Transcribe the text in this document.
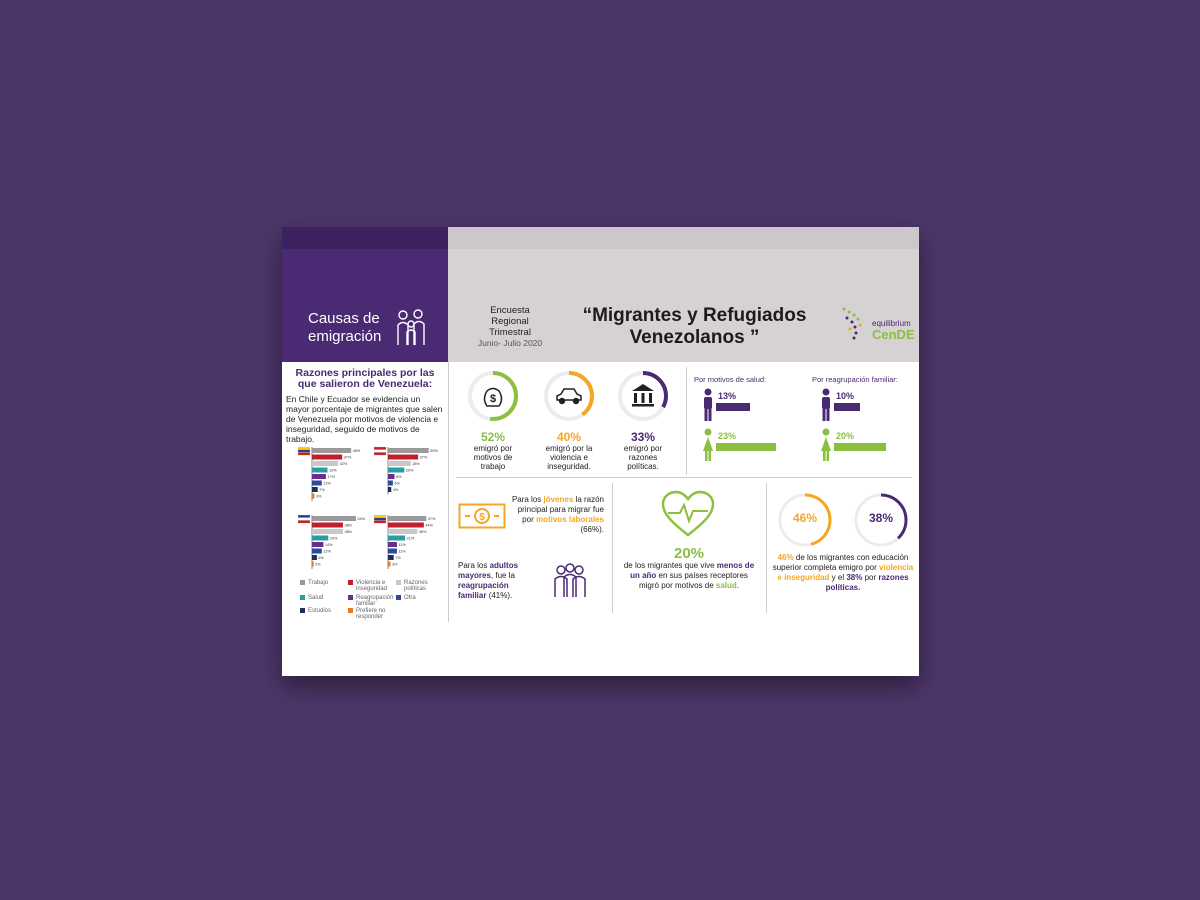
Causas de emigración
Encuesta
Regional
Trimestral
Junio- Julio 2020
“Migrantes y Refugiados
Venezolanos ”
equilibrium
CenDE
Razones principales por las que salieron de Venezuela:
En Chile y Ecuador se evidencia un mayor porcentaje de migrantes que salen de Venezuela por motivos de violencia e inseguridad, seguido de motivos de trabajo.
48%
37%
32%
19%
17%
12%
7%
3%
50%
37%
28%
20%
8%
6%
4%
54%
38%
38%
20%
14%
12%
6%
2%
47%
44%
36%
21%
11%
11%
7%
3%
Trabajo	Violencia e inseguridad
Razones políticas
Salud	Reagrupación familiar
Otra
Estudios	Prefiere no responder
$
52%
emigró por motivos de trabajo
40%
emigró por la violencia e inseguridad.
33%
emigró por razones políticas.
Por motivos de salud:	Por reagrupación familiar:
13%
23%
10%
20%
$
Para los jóvenes la razón principal para migrar fue por motivos laborales (66%).
Para los adultos mayores, fue la reagrupación familiar (41%).
20%
de los migrantes que vive menos de un año en sus países receptores migró por motivos de salud.
46%	38%
46% de los migrantes con educación superior completa emigro por violencia e inseguridad y el 38% por razones políticas.
